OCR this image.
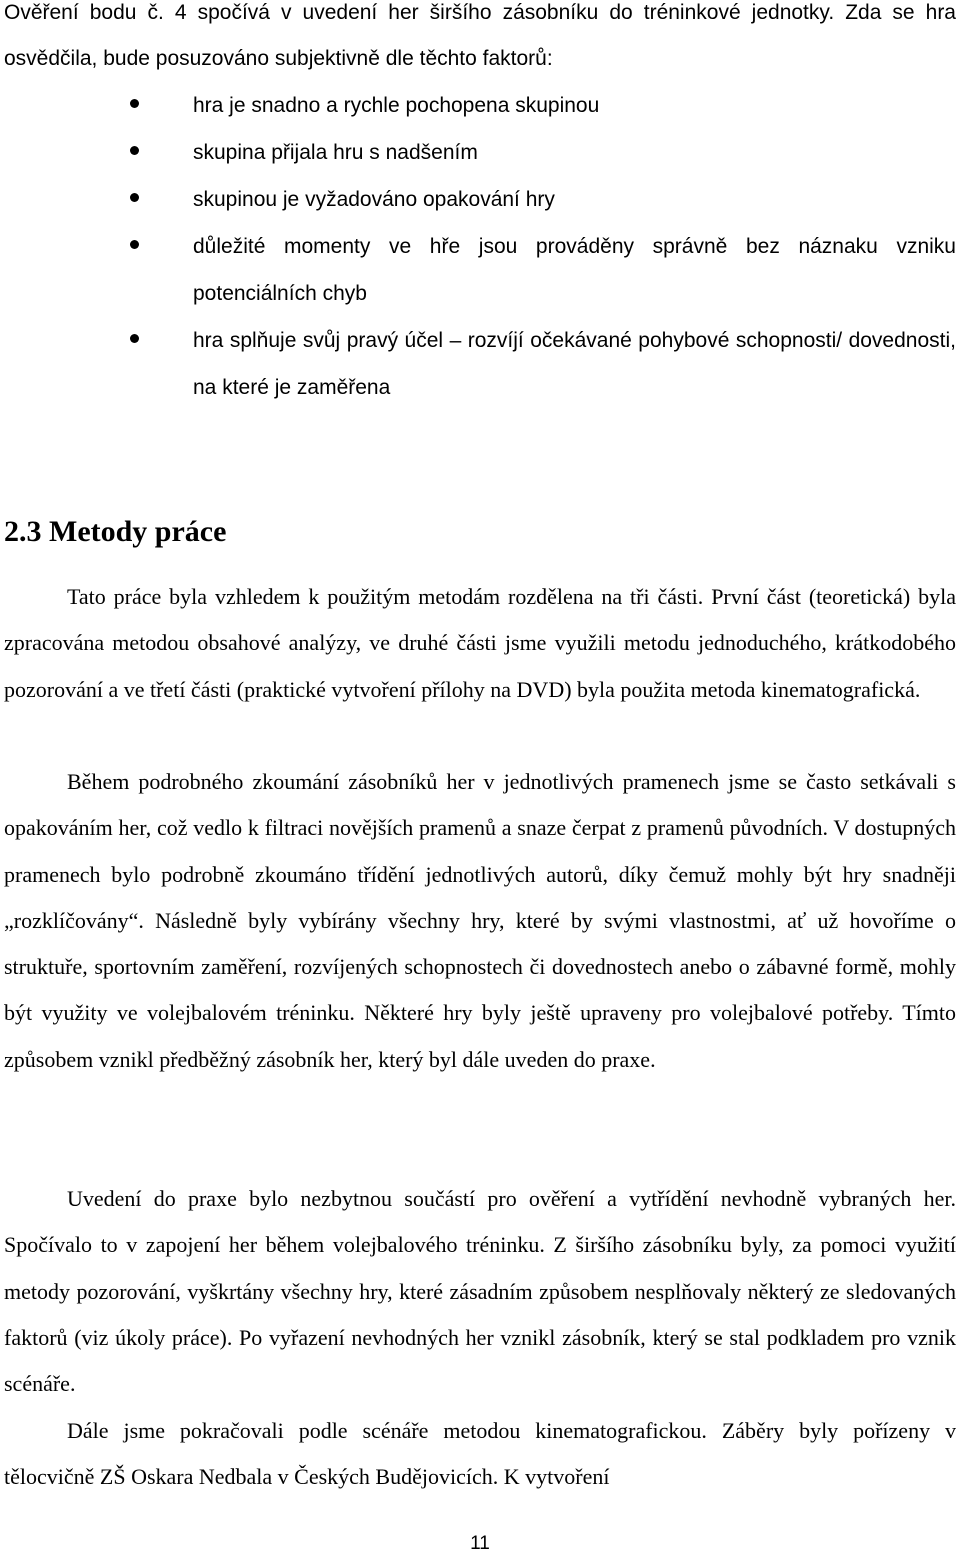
Ověření bodu č. 4 spočívá v uvedení her širšího zásobníku do tréninkové jednotky. Zda se hra osvědčila, bude posuzováno subjektivně dle těchto faktorů:

hra je snadno a rychle pochopena skupinou
skupina přijala hru s nadšením
skupinou je vyžadováno opakování hry
důležité momenty ve hře jsou prováděny správně bez náznaku vzniku potenciálních chyb
hra splňuje svůj pravý účel – rozvíjí očekávané pohybové schopnosti/ dovednosti, na které je zaměřena
2.3 Metody práce

Tato práce byla vzhledem k použitým metodám rozdělena na tři části. První část (teoretická) byla zpracována metodou obsahové analýzy, ve druhé části jsme využili metodu jednoduchého, krátkodobého pozorování a ve třetí části (praktické vytvoření přílohy na DVD) byla použita metoda kinematografická.

Během podrobného zkoumání zásobníků her v jednotlivých pramenech jsme se často setkávali s opakováním her, což vedlo k filtraci novějších pramenů a snaze čerpat z pramenů původních. V dostupných pramenech bylo podrobně zkoumáno třídění jednotlivých autorů, díky čemuž mohly být hry snadněji „rozklíčovány“. Následně byly vybírány všechny hry, které by svými vlastnostmi, ať už hovoříme o struktuře, sportovním zaměření, rozvíjených schopnostech či dovednostech anebo o zábavné formě, mohly být využity ve volejbalovém tréninku. Některé hry byly ještě upraveny pro volejbalové potřeby. Tímto způsobem vznikl předběžný zásobník her, který byl dále uveden do praxe.

Uvedení do praxe bylo nezbytnou součástí pro ověření a vytřídění nevhodně vybraných her. Spočívalo to v zapojení her během volejbalového tréninku. Z širšího zásobníku byly, za pomoci využití metody pozorování, vyškrtány všechny hry, které zásadním způsobem nesplňovaly některý ze sledovaných faktorů (viz úkoly práce). Po vyřazení nevhodných her vznikl zásobník, který se stal podkladem pro vznik scénáře.

Dále jsme pokračovali podle scénáře metodou kinematografickou. Záběry byly pořízeny v tělocvičně ZŠ Oskara Nedbala v Českých Budějovicích. K vytvoření

11
